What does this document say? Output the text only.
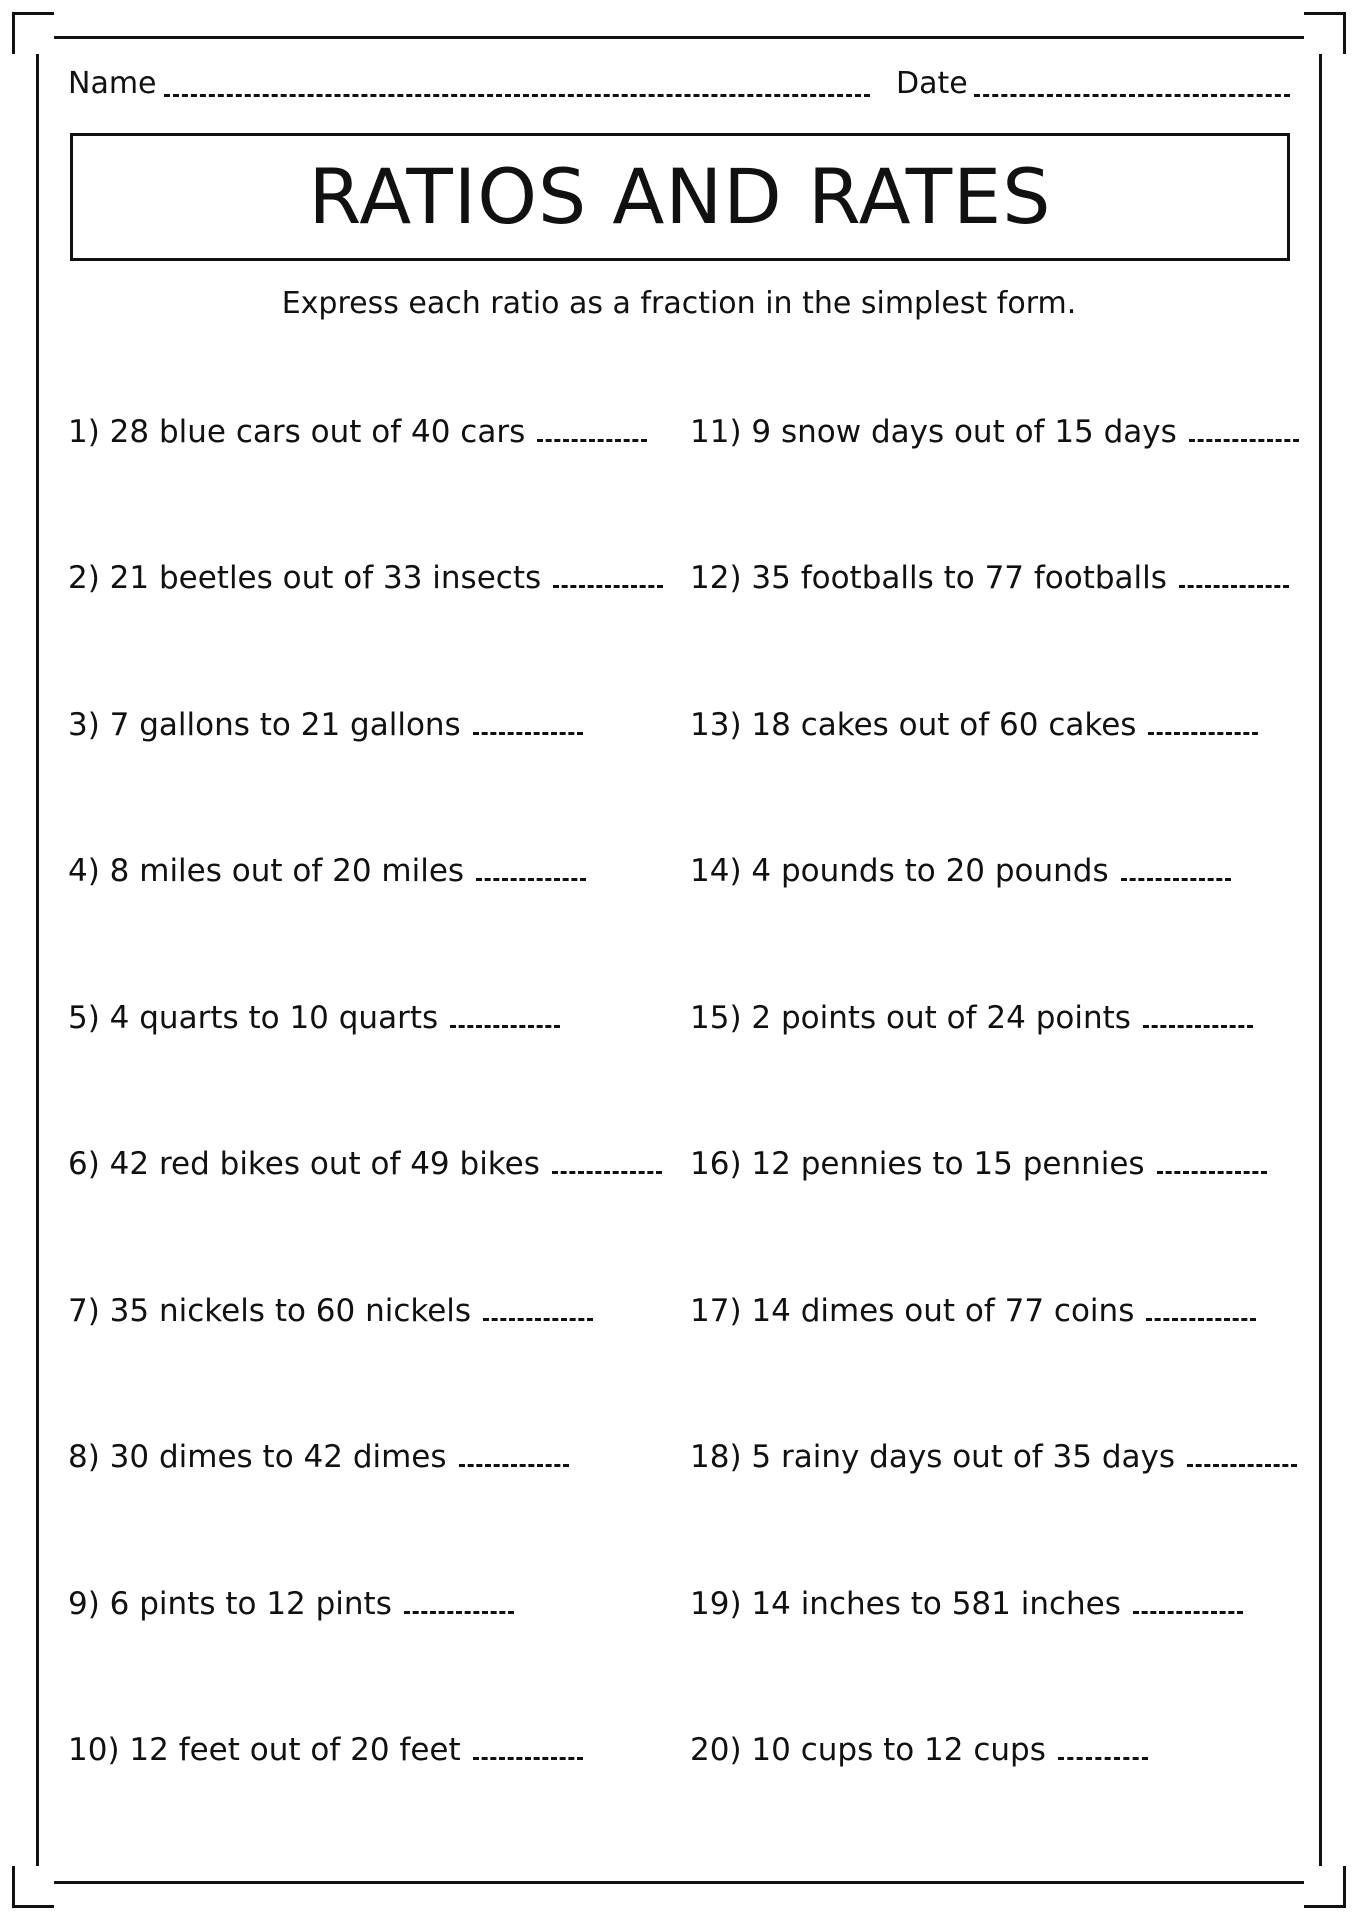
Name	Date
RATIOS AND RATES
Express each ratio as a fraction in the simplest form.
1) 28 blue cars out of 40 cars
2) 21 beetles out of 33 insects
3) 7 gallons to 21 gallons
4) 8 miles out of 20 miles
5) 4 quarts to 10 quarts
6) 42 red bikes out of 49 bikes
7) 35 nickels to 60 nickels
8) 30 dimes to 42 dimes
9) 6 pints to 12 pints
10) 12 feet out of 20 feet
11) 9 snow days out of 15 days
12) 35 footballs to 77 footballs
13) 18 cakes out of 60 cakes
14) 4 pounds to 20 pounds
15) 2 points out of 24 points
16) 12 pennies to 15 pennies
17) 14 dimes out of 77 coins
18) 5 rainy days out of 35 days
19) 14 inches to 581 inches
20) 10 cups to 12 cups
